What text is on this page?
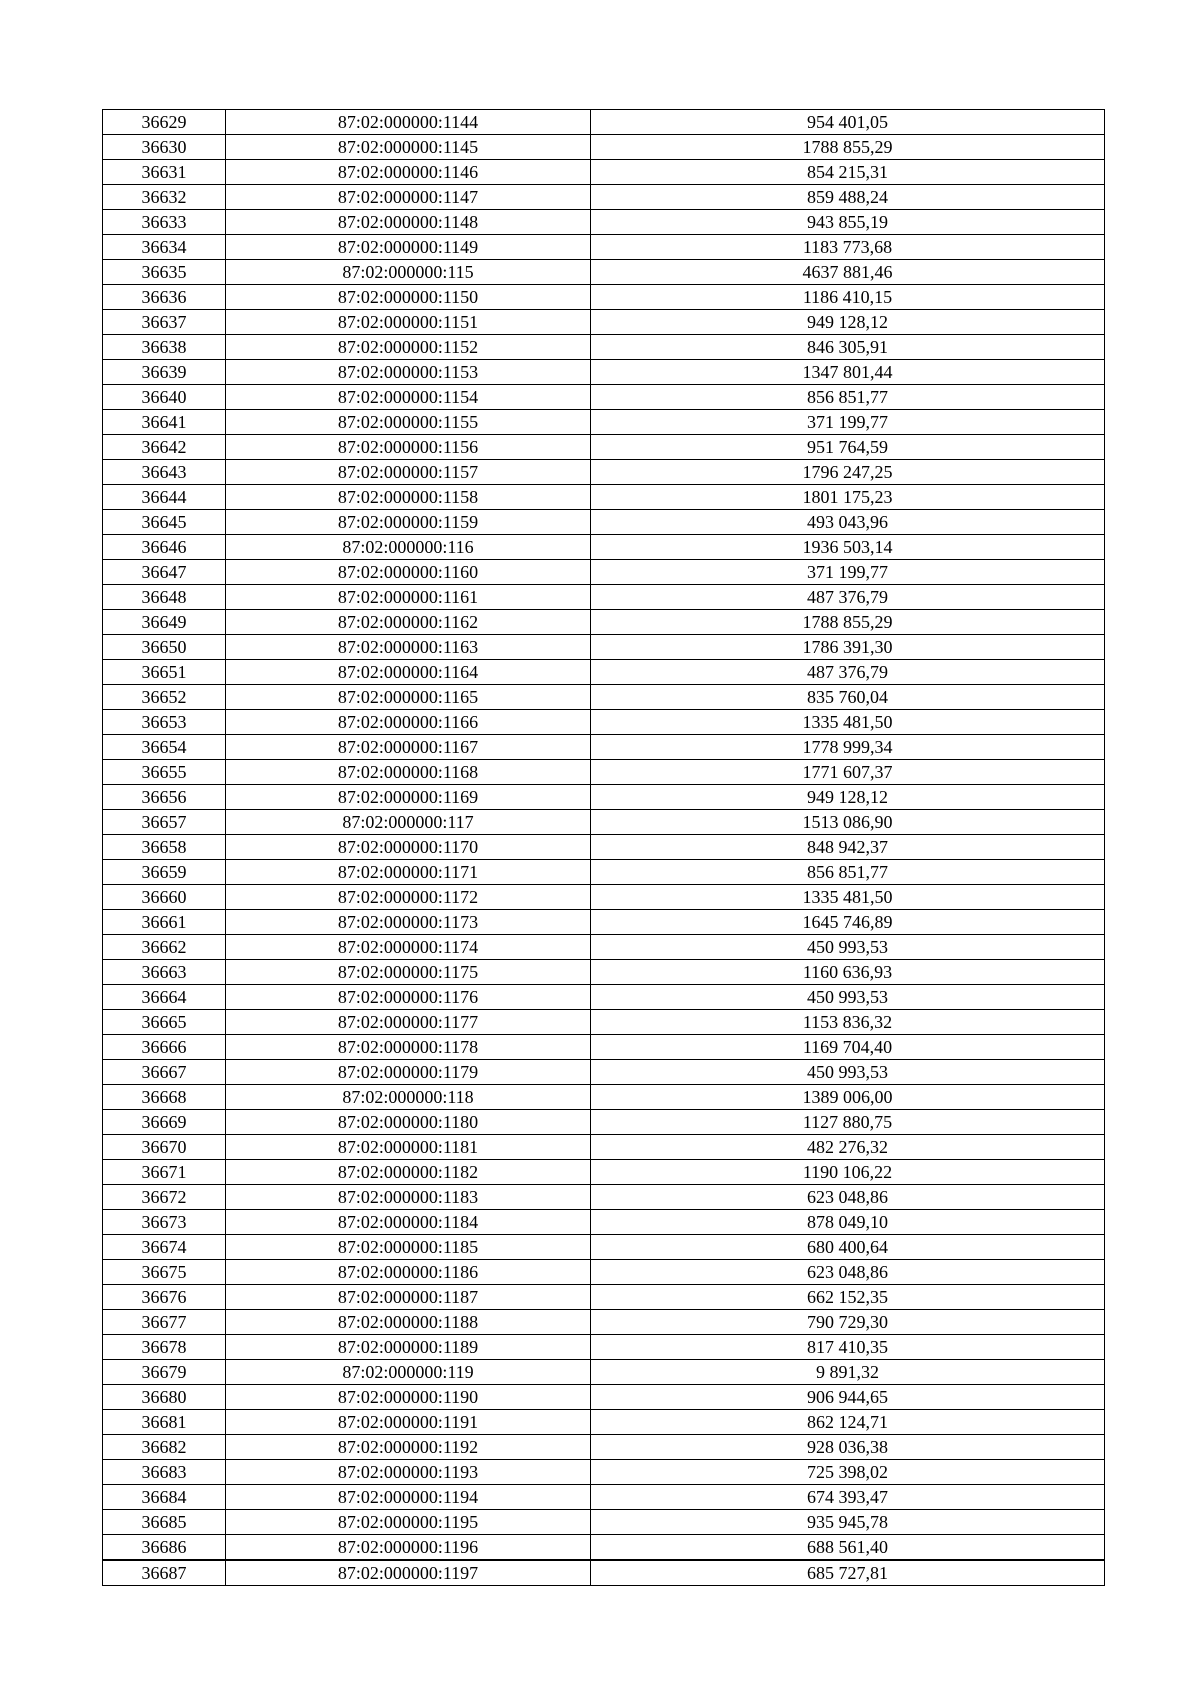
36629	87:02:000000:1144	954 401,05
36630	87:02:000000:1145	1788 855,29
36631	87:02:000000:1146	854 215,31
36632	87:02:000000:1147	859 488,24
36633	87:02:000000:1148	943 855,19
36634	87:02:000000:1149	1183 773,68
36635	87:02:000000:115	4637 881,46
36636	87:02:000000:1150	1186 410,15
36637	87:02:000000:1151	949 128,12
36638	87:02:000000:1152	846 305,91
36639	87:02:000000:1153	1347 801,44
36640	87:02:000000:1154	856 851,77
36641	87:02:000000:1155	371 199,77
36642	87:02:000000:1156	951 764,59
36643	87:02:000000:1157	1796 247,25
36644	87:02:000000:1158	1801 175,23
36645	87:02:000000:1159	493 043,96
36646	87:02:000000:116	1936 503,14
36647	87:02:000000:1160	371 199,77
36648	87:02:000000:1161	487 376,79
36649	87:02:000000:1162	1788 855,29
36650	87:02:000000:1163	1786 391,30
36651	87:02:000000:1164	487 376,79
36652	87:02:000000:1165	835 760,04
36653	87:02:000000:1166	1335 481,50
36654	87:02:000000:1167	1778 999,34
36655	87:02:000000:1168	1771 607,37
36656	87:02:000000:1169	949 128,12
36657	87:02:000000:117	1513 086,90
36658	87:02:000000:1170	848 942,37
36659	87:02:000000:1171	856 851,77
36660	87:02:000000:1172	1335 481,50
36661	87:02:000000:1173	1645 746,89
36662	87:02:000000:1174	450 993,53
36663	87:02:000000:1175	1160 636,93
36664	87:02:000000:1176	450 993,53
36665	87:02:000000:1177	1153 836,32
36666	87:02:000000:1178	1169 704,40
36667	87:02:000000:1179	450 993,53
36668	87:02:000000:118	1389 006,00
36669	87:02:000000:1180	1127 880,75
36670	87:02:000000:1181	482 276,32
36671	87:02:000000:1182	1190 106,22
36672	87:02:000000:1183	623 048,86
36673	87:02:000000:1184	878 049,10
36674	87:02:000000:1185	680 400,64
36675	87:02:000000:1186	623 048,86
36676	87:02:000000:1187	662 152,35
36677	87:02:000000:1188	790 729,30
36678	87:02:000000:1189	817 410,35
36679	87:02:000000:119	9 891,32
36680	87:02:000000:1190	906 944,65
36681	87:02:000000:1191	862 124,71
36682	87:02:000000:1192	928 036,38
36683	87:02:000000:1193	725 398,02
36684	87:02:000000:1194	674 393,47
36685	87:02:000000:1195	935 945,78
36686	87:02:000000:1196	688 561,40
36687	87:02:000000:1197	685 727,81
